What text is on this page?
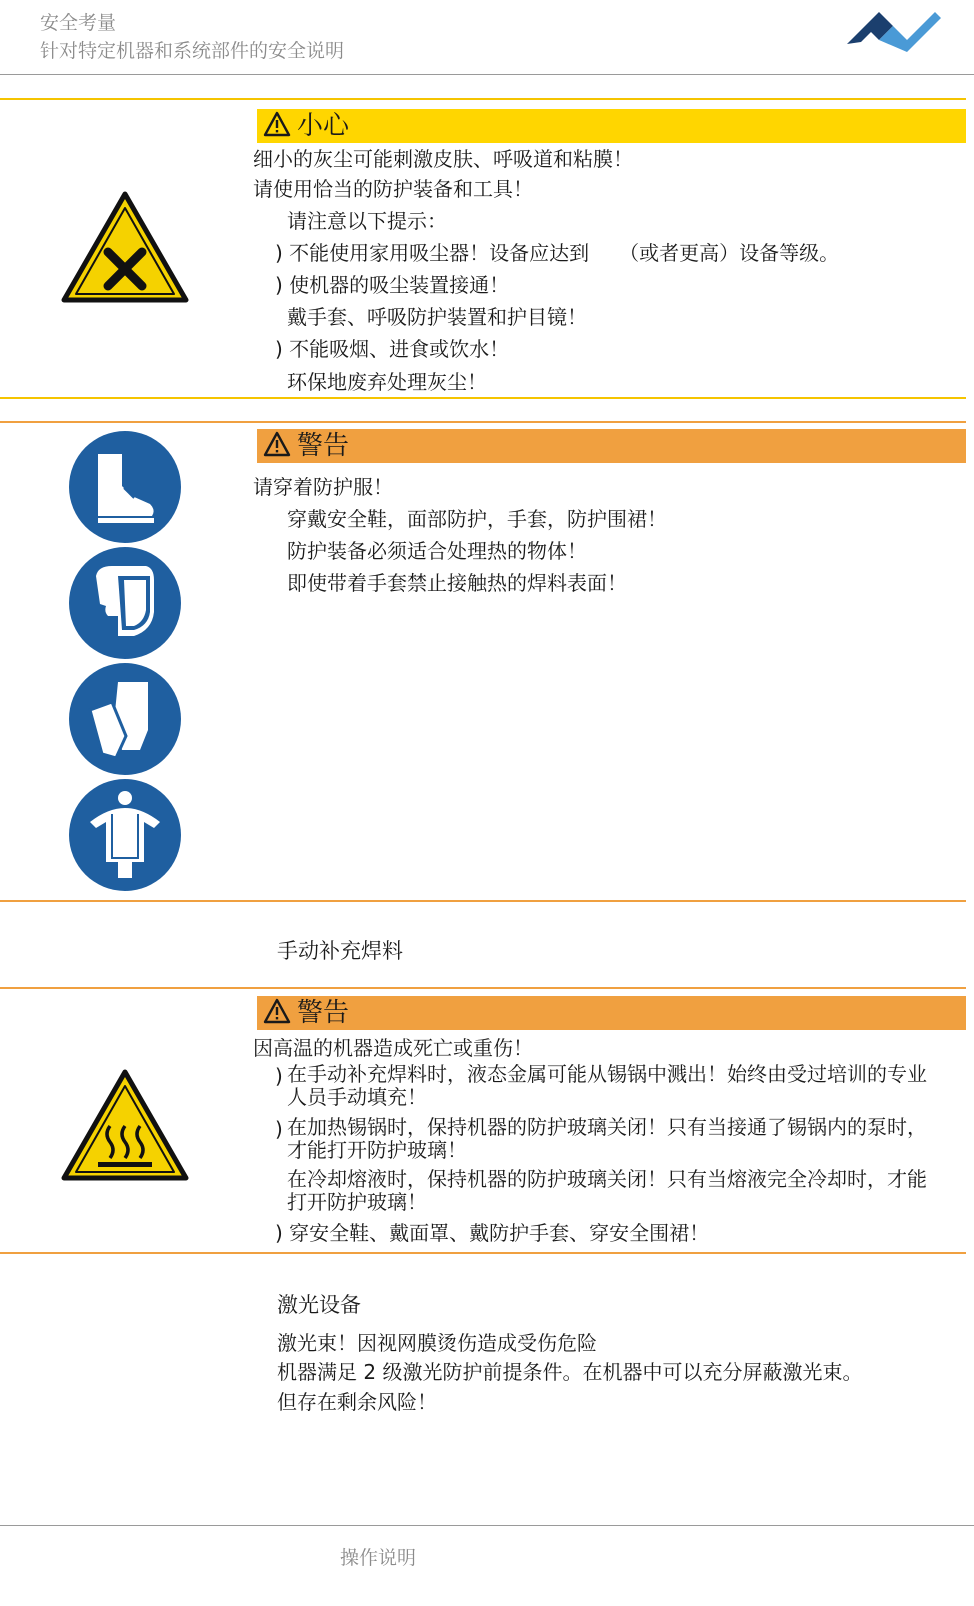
安全考量
针对特定机器和系统部件的安全说明
小心
细小的灰尘可能刺激皮肤、呼吸道和粘膜！
请使用恰当的防护装备和工具！
请注意以下提示：
) 不能使用家用吸尘器！设备应达到 （或者更高）设备等级。
) 使机器的吸尘装置接通！
戴手套、呼吸防护装置和护目镜！
) 不能吸烟、进食或饮水！
环保地废弃处理灰尘！
警告
请穿着防护服！
穿戴安全鞋，面部防护，手套，防护围裙！
防护装备必须适合处理热的物体！
即使带着手套禁止接触热的焊料表面！
手动补充焊料
警告
因高温的机器造成死亡或重伤！
) 在手动补充焊料时，液态金属可能从锡锅中溅出！始终由受过培训的专业人员手动填充！
) 在加热锡锅时，保持机器的防护玻璃关闭！只有当接通了锡锅内的泵时，才能打开防护玻璃！
在冷却熔液时，保持机器的防护玻璃关闭！只有当熔液完全冷却时，才能打开防护玻璃！
) 穿安全鞋、戴面罩、戴防护手套、穿安全围裙！
激光设备
激光束！因视网膜烫伤造成受伤危险
机器满足 2 级激光防护前提条件。在机器中可以充分屏蔽激光束。
但存在剩余风险！
操作说明
